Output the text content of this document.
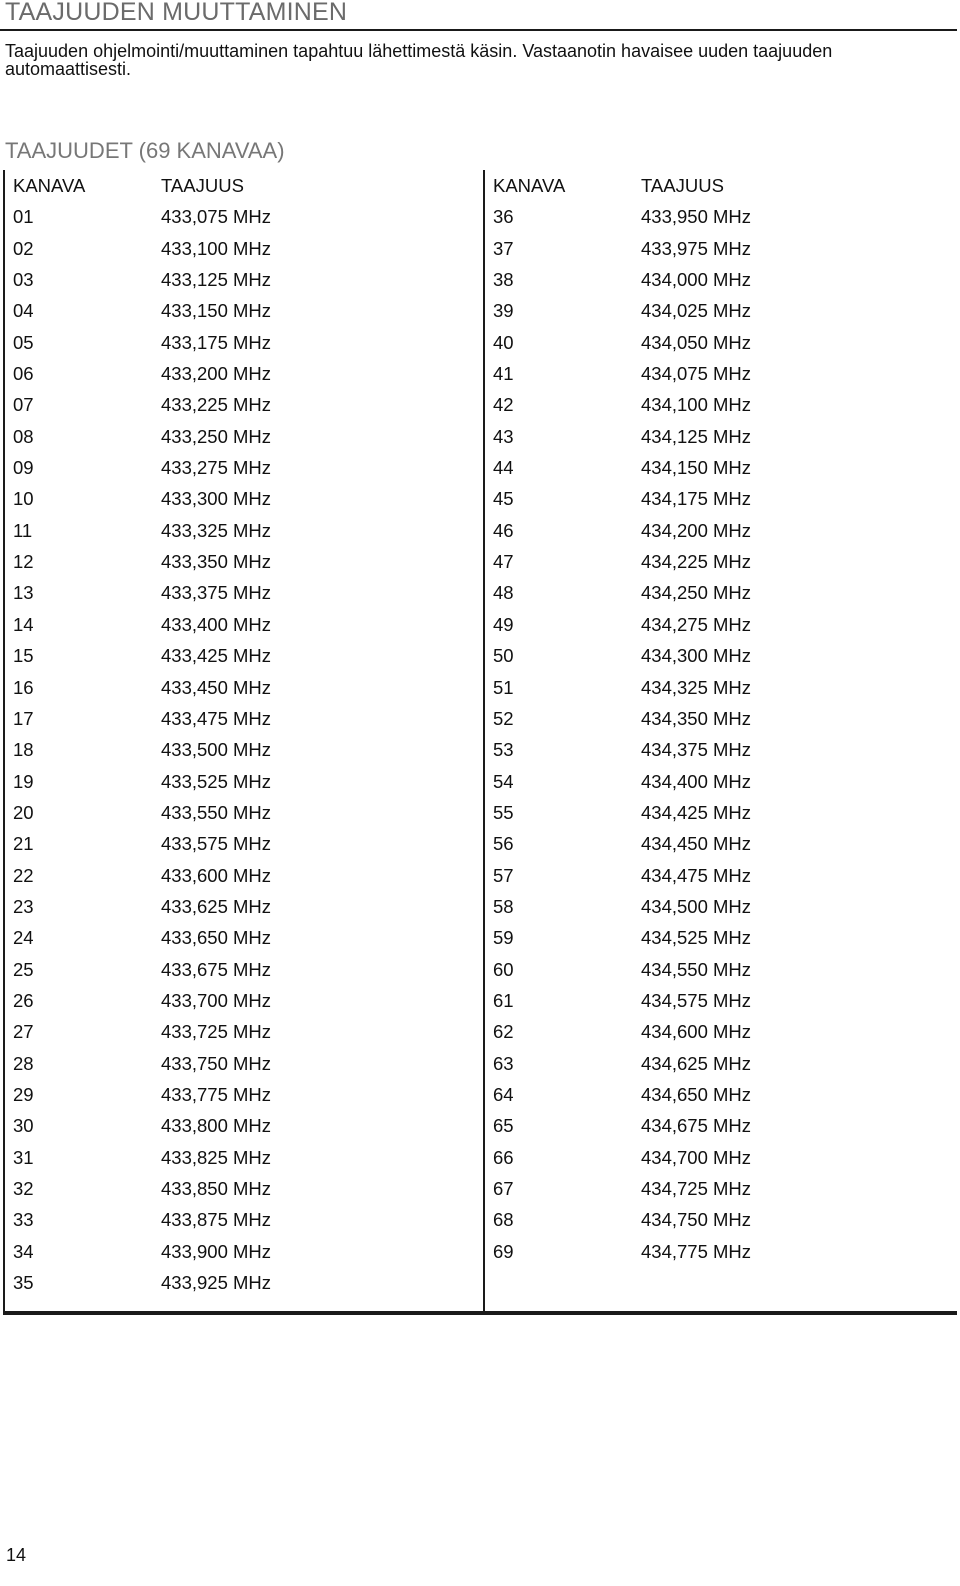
TAAJUUDEN MUUTTAMINEN
Taajuuden ohjelmointi/muuttaminen tapahtuu lähettimestä käsin. Vastaanotin havaisee uuden taajuuden automaattisesti.
TAAJUUDET (69 KANAVAA)
KANAVA	TAAJUUS
01	433,075 MHz
02	433,100 MHz
03	433,125 MHz
04	433,150 MHz
05	433,175 MHz
06	433,200 MHz
07	433,225 MHz
08	433,250 MHz
09	433,275 MHz
10	433,300 MHz
11	433,325 MHz
12	433,350 MHz
13	433,375 MHz
14	433,400 MHz
15	433,425 MHz
16	433,450 MHz
17	433,475 MHz
18	433,500 MHz
19	433,525 MHz
20	433,550 MHz
21	433,575 MHz
22	433,600 MHz
23	433,625 MHz
24	433,650 MHz
25	433,675 MHz
26	433,700 MHz
27	433,725 MHz
28	433,750 MHz
29	433,775 MHz
30	433,800 MHz
31	433,825 MHz
32	433,850 MHz
33	433,875 MHz
34	433,900 MHz
35	433,925 MHz
KANAVA	TAAJUUS
36	433,950 MHz
37	433,975 MHz
38	434,000 MHz
39	434,025 MHz
40	434,050 MHz
41	434,075 MHz
42	434,100 MHz
43	434,125 MHz
44	434,150 MHz
45	434,175 MHz
46	434,200 MHz
47	434,225 MHz
48	434,250 MHz
49	434,275 MHz
50	434,300 MHz
51	434,325 MHz
52	434,350 MHz
53	434,375 MHz
54	434,400 MHz
55	434,425 MHz
56	434,450 MHz
57	434,475 MHz
58	434,500 MHz
59	434,525 MHz
60	434,550 MHz
61	434,575 MHz
62	434,600 MHz
63	434,625 MHz
64	434,650 MHz
65	434,675 MHz
66	434,700 MHz
67	434,725 MHz
68	434,750 MHz
69	434,775 MHz
14
